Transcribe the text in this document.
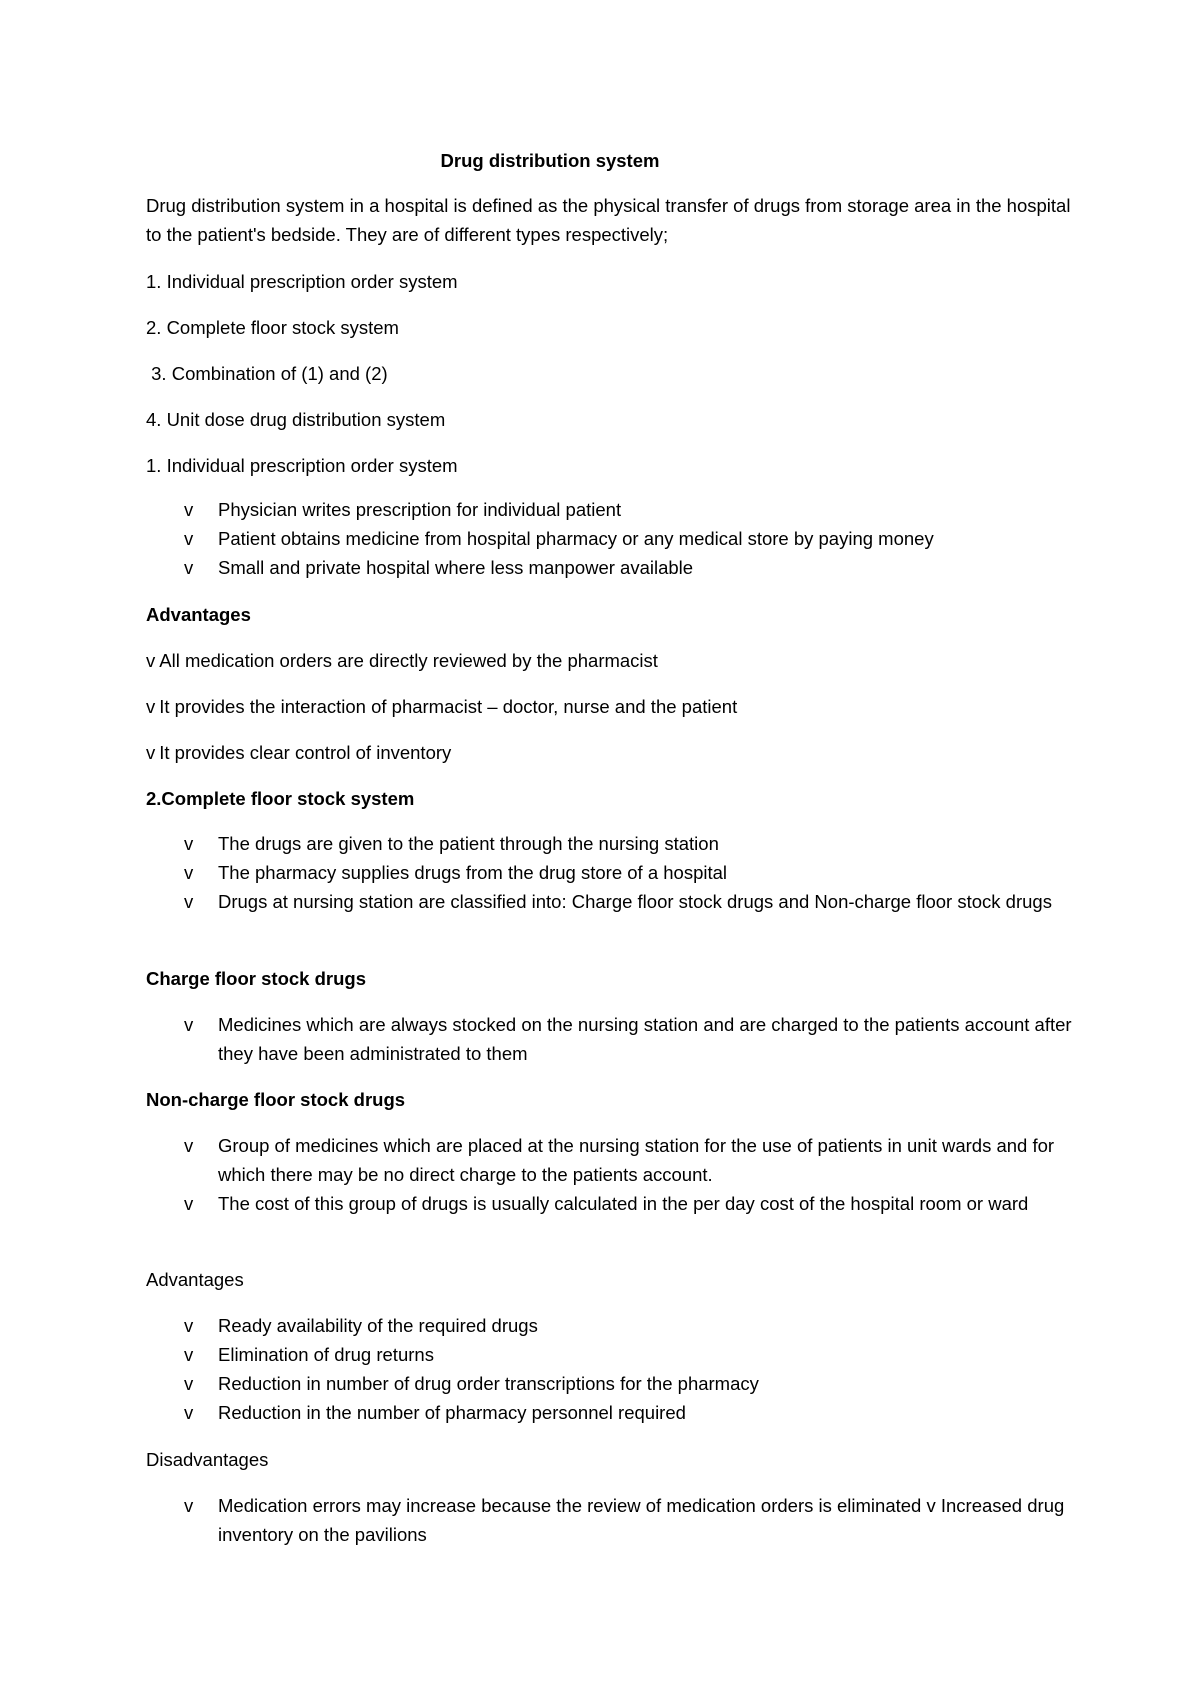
Drug distribution system

Drug distribution system in a hospital is defined as the physical transfer of drugs from storage area in the hospital to the patient's bedside. They are of different types respectively;

1. Individual prescription order system

2. Complete floor stock system

3. Combination of (1) and (2)

4. Unit dose drug distribution system

1. Individual prescription order system

v Physician writes prescription for individual patient
v Patient obtains medicine from hospital pharmacy or any medical store by paying money
v Small and private hospital where less manpower available

Advantages

v All medication orders are directly reviewed by the pharmacist

v It provides the interaction of pharmacist – doctor, nurse and the patient

v It provides clear control of inventory

2.Complete floor stock system

v The drugs are given to the patient through the nursing station
v The pharmacy supplies drugs from the drug store of a hospital
v Drugs at nursing station are classified into: Charge floor stock drugs and Non-charge floor stock drugs

Charge floor stock drugs

v Medicines which are always stocked on the nursing station and are charged to the patients account after they have been administrated to them

Non-charge floor stock drugs

v Group of medicines which are placed at the nursing station for the use of patients in unit wards and for which there may be no direct charge to the patients account.
v The cost of this group of drugs is usually calculated in the per day cost of the hospital room or ward

Advantages

v Ready availability of the required drugs
v Elimination of drug returns
v Reduction in number of drug order transcriptions for the pharmacy
v Reduction in the number of pharmacy personnel required

Disadvantages

v Medication errors may increase because the review of medication orders is eliminated v Increased drug inventory on the pavilions
